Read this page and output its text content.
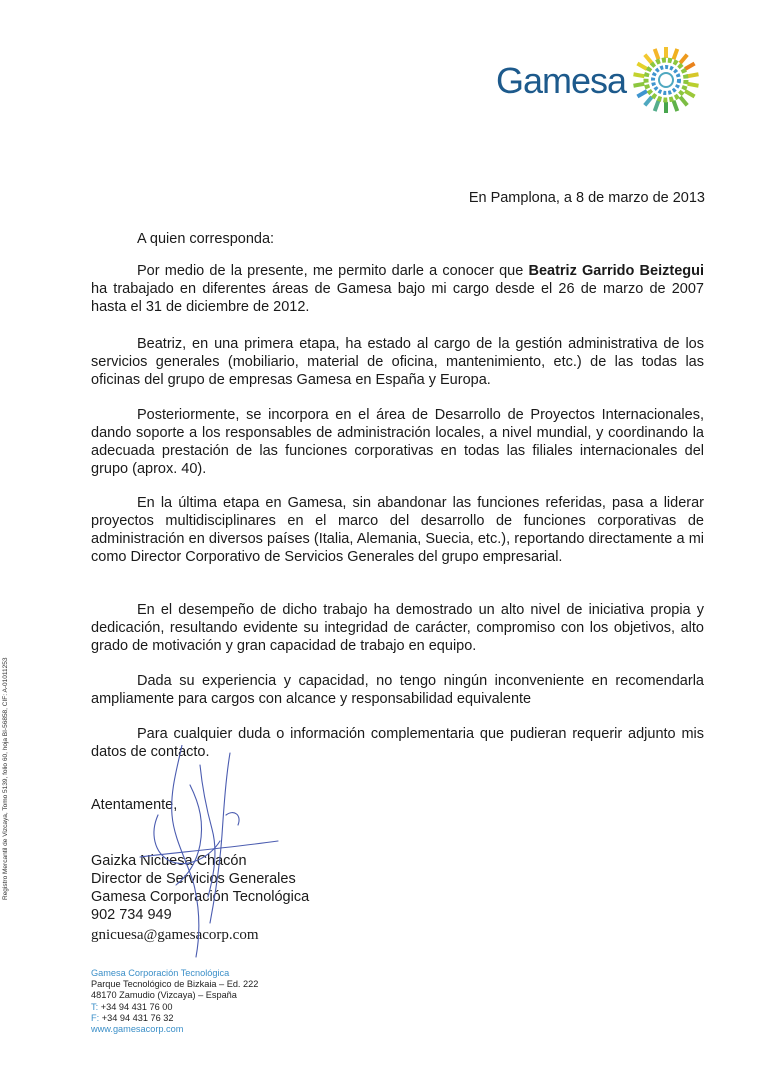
Gamesa
En Pamplona, a 8 de marzo de 2013
A quien corresponda:
Por medio de la presente, me permito darle a conocer que Beatriz Garrido Beiztegui ha trabajado en diferentes áreas de Gamesa bajo mi cargo desde el 26 de marzo de 2007 hasta el 31 de diciembre de 2012.
Beatriz, en una primera etapa, ha estado al cargo de la gestión administrativa de los servicios generales (mobiliario, material de oficina, mantenimiento, etc.) de las todas las oficinas del grupo de empresas Gamesa en España y Europa.
Posteriormente, se incorpora en el área de Desarrollo de Proyectos Internacionales, dando soporte a los responsables de administración locales, a nivel mundial, y coordinando la adecuada prestación de las funciones corporativas en todas las filiales internacionales del grupo (aprox. 40).
En la última etapa en Gamesa, sin abandonar las funciones referidas, pasa a liderar proyectos multidisciplinares en el marco del desarrollo de funciones corporativas de administración en diversos países (Italia, Alemania, Suecia, etc.), reportando directamente a mi como Director Corporativo de Servicios Generales del grupo empresarial.
En el desempeño de dicho trabajo ha demostrado un alto nivel de iniciativa propia y dedicación, resultando evidente su integridad de carácter, compromiso con los objetivos, alto grado de motivación y gran capacidad de trabajo en equipo.
Dada su experiencia y capacidad, no tengo ningún inconveniente en recomendarla ampliamente para cargos con alcance y responsabilidad equivalente
Para cualquier duda o información complementaria que pudieran requerir adjunto mis datos de contacto.
Atentamente,
Gaizka Nicuesa Chacón
Director de Servicios Generales
Gamesa Corporación Tecnológica
902 734 949
gnicuesa@gamesacorp.com
Gamesa Corporación Tecnológica
Parque Tecnológico de Bizkaia – Ed. 222
48170 Zamudio (Vizcaya) – España
T: +34 94 431 76 00
F: +34 94 431 76 32
www.gamesacorp.com
Registro Mercantil de Vizcaya, Tomo 5139, folio 60, hoja BI-56858, CIF: A-01011253
